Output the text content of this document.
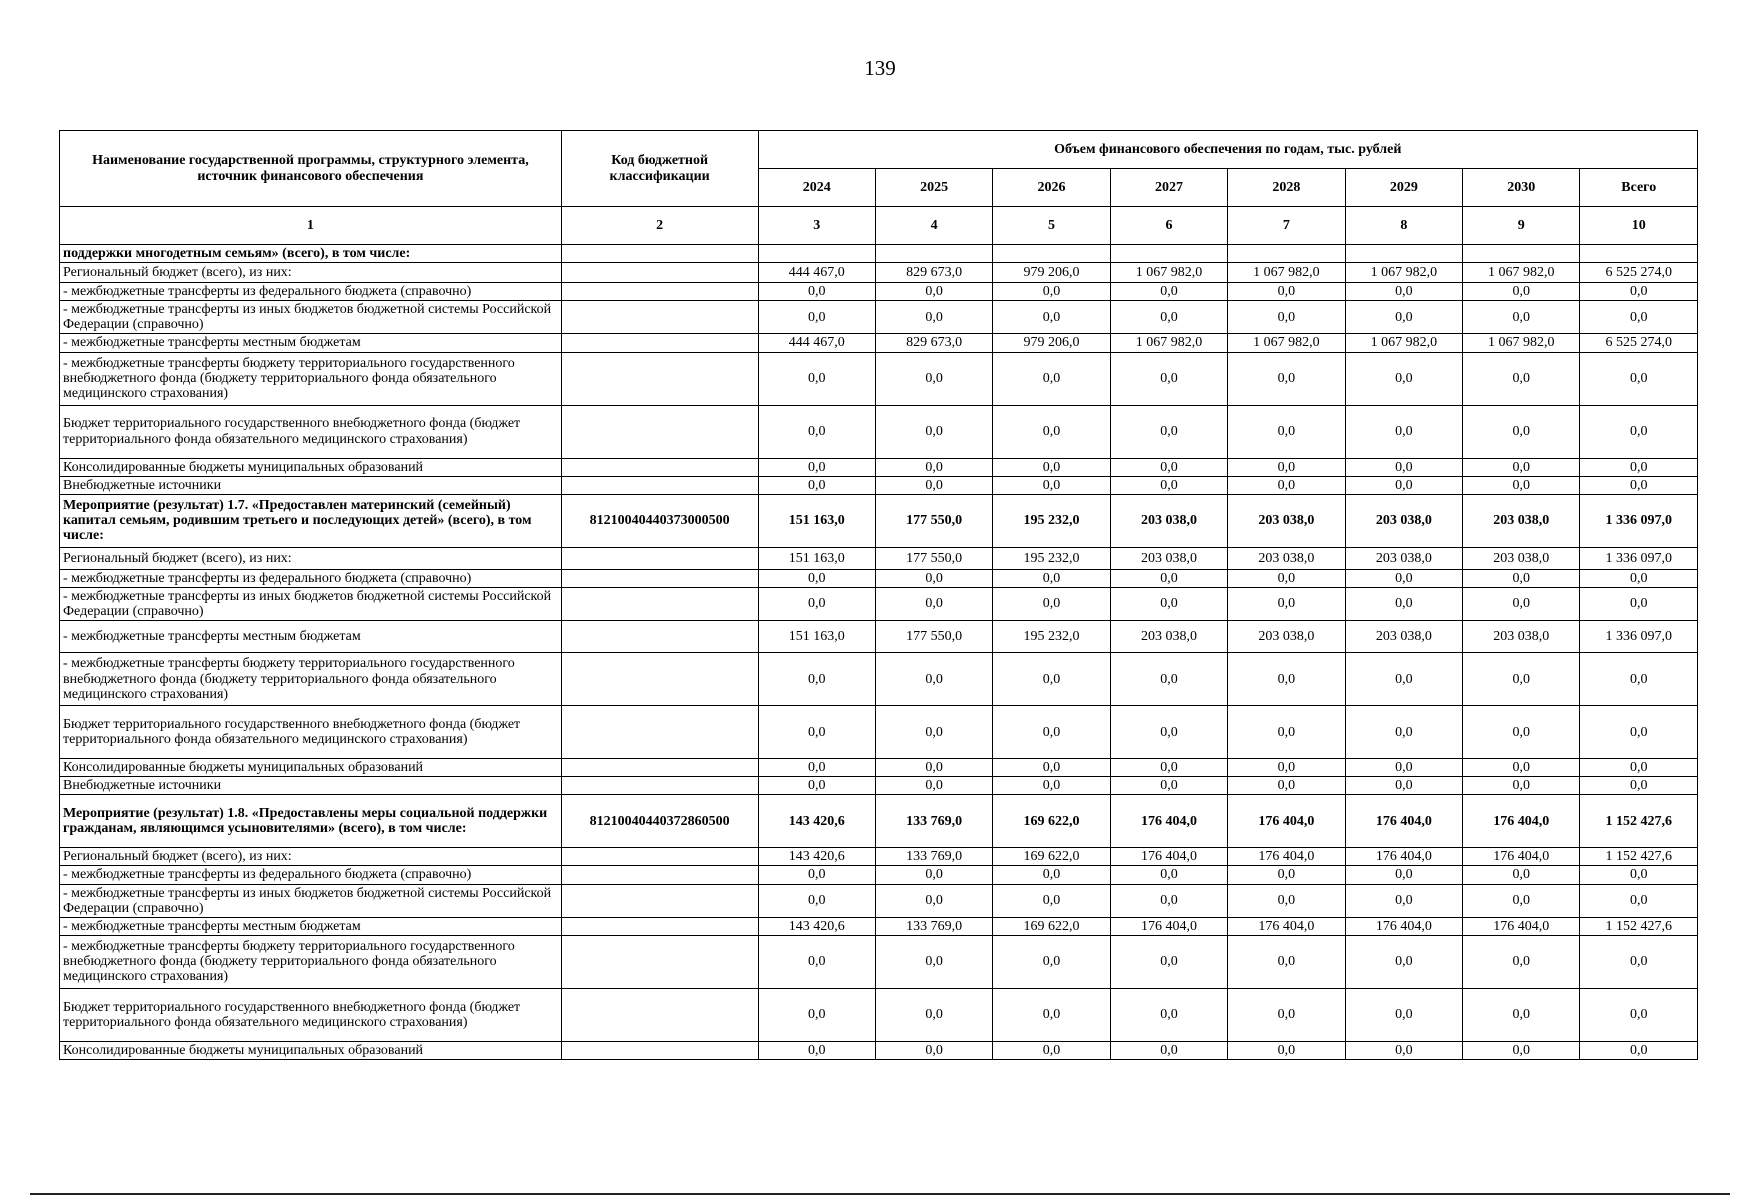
139
Наименование государственной программы, структурного элемента, источник финансового обеспечения	Код бюджетной классификации	Объем финансового обеспечения по годам, тыс. рублей							
		2024	2025	2026	2027	2028	2029	2030	Всего
1	2	3	4	5	6	7	8	9	10
поддержки многодетным семьям» (всего), в том числе:									
Региональный бюджет (всего), из них:		444 467,0	829 673,0	979 206,0	1 067 982,0	1 067 982,0	1 067 982,0	1 067 982,0	6 525 274,0
- межбюджетные трансферты из федерального бюджета (справочно)		0,0	0,0	0,0	0,0	0,0	0,0	0,0	0,0
- межбюджетные трансферты из иных бюджетов бюджетной системы Российской Федерации (справочно)		0,0	0,0	0,0	0,0	0,0	0,0	0,0	0,0
- межбюджетные трансферты местным бюджетам		444 467,0	829 673,0	979 206,0	1 067 982,0	1 067 982,0	1 067 982,0	1 067 982,0	6 525 274,0
- межбюджетные трансферты бюджету территориального государственного внебюджетного фонда (бюджету территориального фонда обязательного медицинского страхования)		0,0	0,0	0,0	0,0	0,0	0,0	0,0	0,0
Бюджет территориального государственного внебюджетного фонда (бюджет территориального фонда обязательного медицинского страхования)		0,0	0,0	0,0	0,0	0,0	0,0	0,0	0,0
Консолидированные бюджеты муниципальных образований		0,0	0,0	0,0	0,0	0,0	0,0	0,0	0,0
Внебюджетные источники		0,0	0,0	0,0	0,0	0,0	0,0	0,0	0,0
Мероприятие (результат) 1.7. «Предоставлен материнский (семейный) капитал семьям, родившим третьего и последующих детей» (всего), в том числе:	81210040440373000500	151 163,0	177 550,0	195 232,0	203 038,0	203 038,0	203 038,0	203 038,0	1 336 097,0
Региональный бюджет (всего), из них:		151 163,0	177 550,0	195 232,0	203 038,0	203 038,0	203 038,0	203 038,0	1 336 097,0
- межбюджетные трансферты из федерального бюджета (справочно)		0,0	0,0	0,0	0,0	0,0	0,0	0,0	0,0
- межбюджетные трансферты из иных бюджетов бюджетной системы Российской Федерации (справочно)		0,0	0,0	0,0	0,0	0,0	0,0	0,0	0,0
- межбюджетные трансферты местным бюджетам		151 163,0	177 550,0	195 232,0	203 038,0	203 038,0	203 038,0	203 038,0	1 336 097,0
- межбюджетные трансферты бюджету территориального государственного внебюджетного фонда (бюджету территориального фонда обязательного медицинского страхования)		0,0	0,0	0,0	0,0	0,0	0,0	0,0	0,0
Бюджет территориального государственного внебюджетного фонда (бюджет территориального фонда обязательного медицинского страхования)		0,0	0,0	0,0	0,0	0,0	0,0	0,0	0,0
Консолидированные бюджеты муниципальных образований		0,0	0,0	0,0	0,0	0,0	0,0	0,0	0,0
Внебюджетные источники		0,0	0,0	0,0	0,0	0,0	0,0	0,0	0,0
Мероприятие (результат) 1.8. «Предоставлены меры социальной поддержки гражданам, являющимся усыновителями» (всего), в том числе:	81210040440372860500	143 420,6	133 769,0	169 622,0	176 404,0	176 404,0	176 404,0	176 404,0	1 152 427,6
Региональный бюджет (всего), из них:		143 420,6	133 769,0	169 622,0	176 404,0	176 404,0	176 404,0	176 404,0	1 152 427,6
- межбюджетные трансферты из федерального бюджета (справочно)		0,0	0,0	0,0	0,0	0,0	0,0	0,0	0,0
- межбюджетные трансферты из иных бюджетов бюджетной системы Российской Федерации (справочно)		0,0	0,0	0,0	0,0	0,0	0,0	0,0	0,0
- межбюджетные трансферты местным бюджетам		143 420,6	133 769,0	169 622,0	176 404,0	176 404,0	176 404,0	176 404,0	1 152 427,6
- межбюджетные трансферты бюджету территориального государственного внебюджетного фонда (бюджету территориального фонда обязательного медицинского страхования)		0,0	0,0	0,0	0,0	0,0	0,0	0,0	0,0
Бюджет территориального государственного внебюджетного фонда (бюджет территориального фонда обязательного медицинского страхования)		0,0	0,0	0,0	0,0	0,0	0,0	0,0	0,0
Консолидированные бюджеты муниципальных образований		0,0	0,0	0,0	0,0	0,0	0,0	0,0	0,0
